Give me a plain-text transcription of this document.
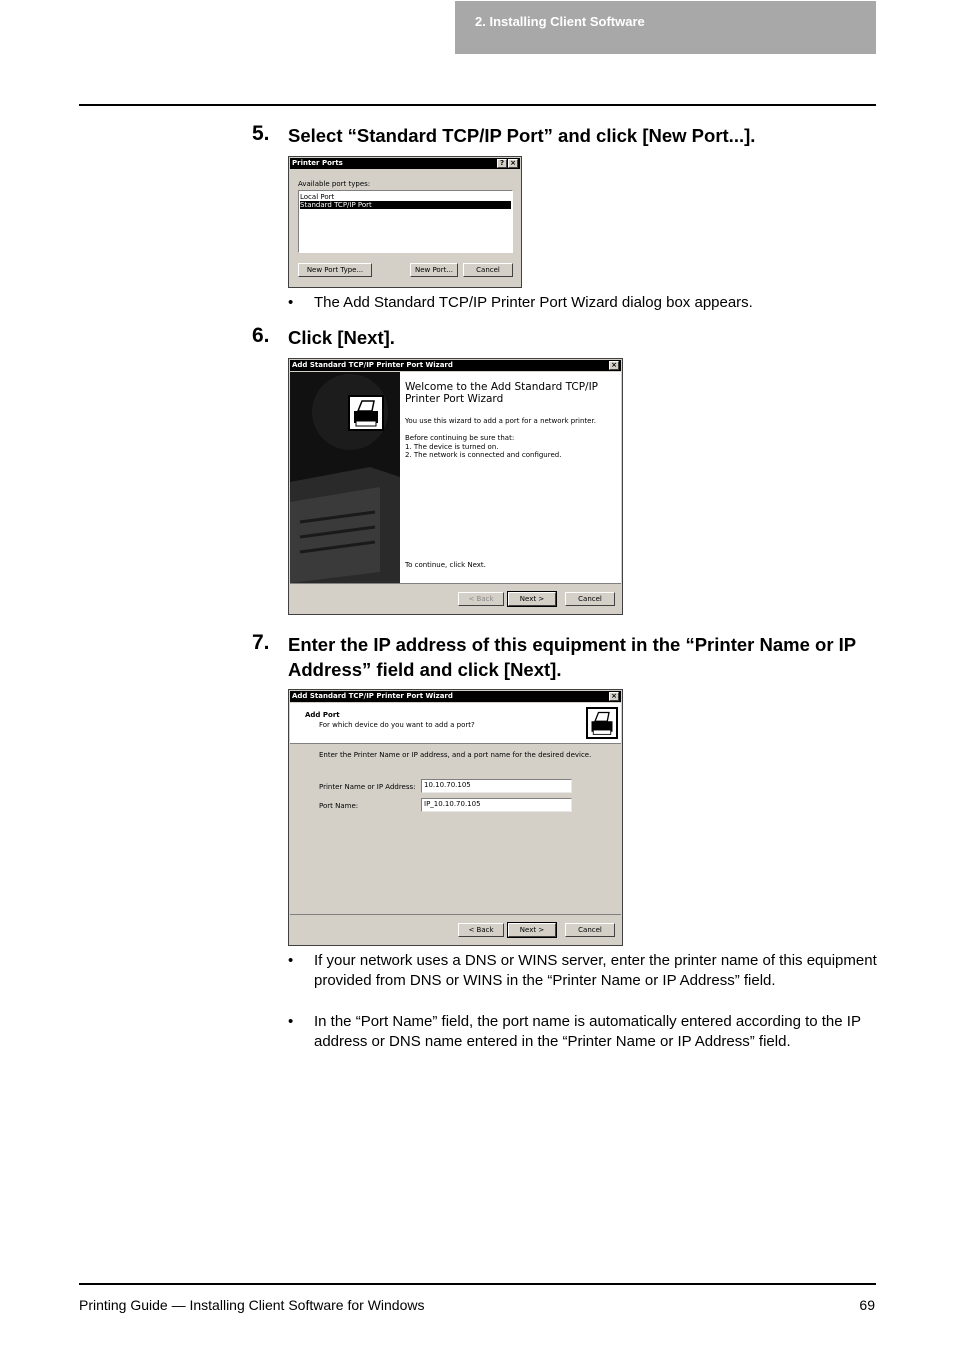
2. Installing Client Software
5. Select “Standard TCP/IP Port” and click [New Port...].
Printer Ports	? ×
Available port types:
Local Port
Standard TCP/IP Port
New Port Type...	New Port...	Cancel
• The Add Standard TCP/IP Printer Port Wizard dialog box appears.
6. Click [Next].
Add Standard TCP/IP Printer Port Wizard	×
Welcome to the Add Standard TCP/IP Printer Port Wizard
You use this wizard to add a port for a network printer.
Before continuing be sure that:
1. The device is turned on.
2. The network is connected and configured.
To continue, click Next.
< Back	Next >	Cancel
7. Enter the IP address of this equipment in the “Printer Name or IP Address” field and click [Next].
Add Standard TCP/IP Printer Port Wizard	×
Add Port
For which device do you want to add a port?
Enter the Printer Name or IP address, and a port name for the desired device.
Printer Name or IP Address:	10.10.70.105
Port Name:	IP_10.10.70.105
< Back	Next >	Cancel
• If your network uses a DNS or WINS server, enter the printer name of this equipment provided from DNS or WINS in the “Printer Name or IP Address” field.
• In the “Port Name” field, the port name is automatically entered according to the IP address or DNS name entered in the “Printer Name or IP Address” field.
Printing Guide — Installing Client Software for Windows	69
